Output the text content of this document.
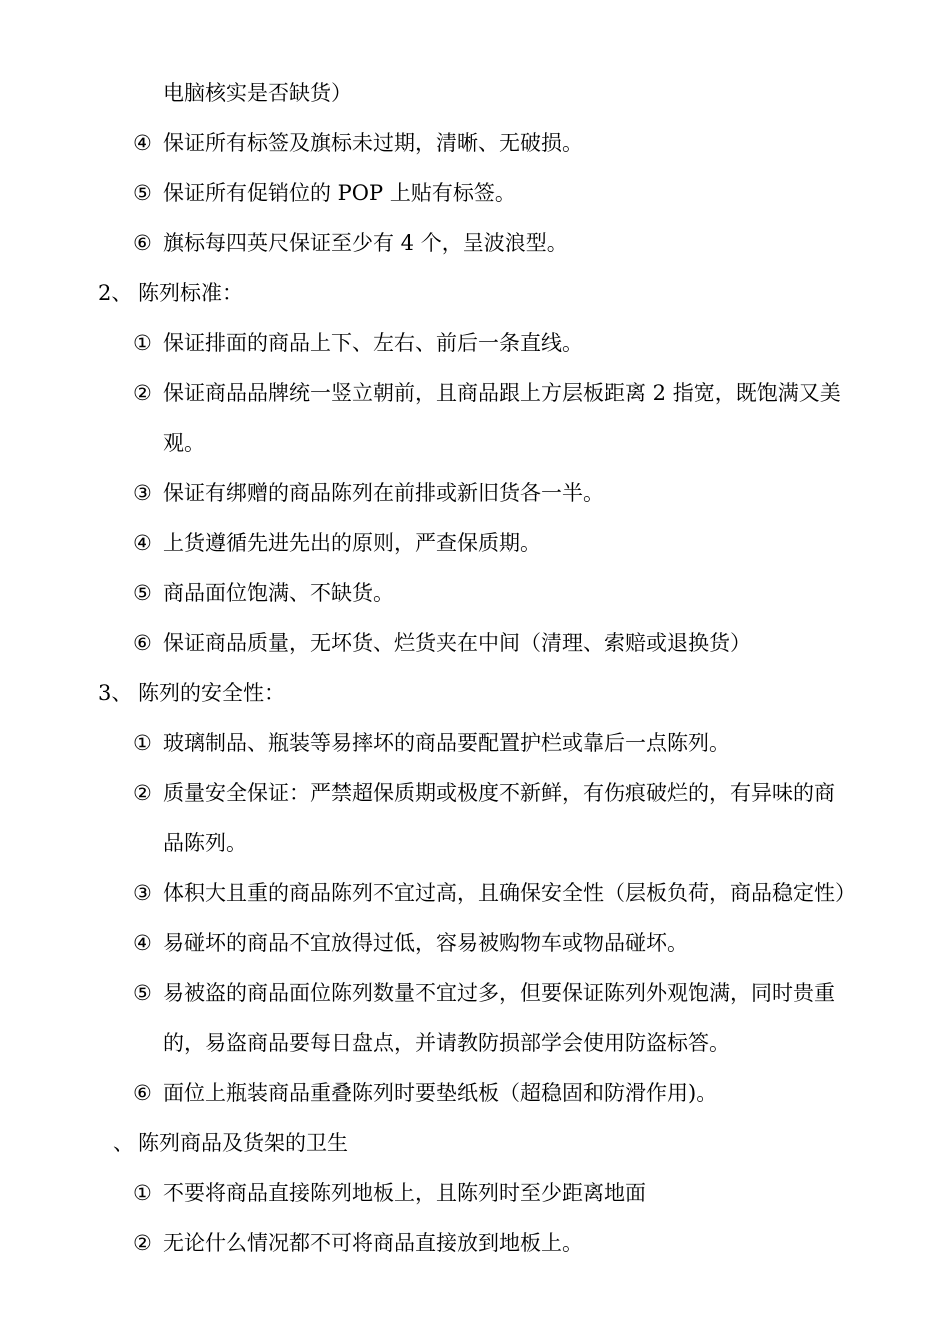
电脑核实是否缺货）
④ 保证所有标签及旗标未过期，清晰、无破损。
⑤ 保证所有促销位的 POP 上贴有标签。
⑥ 旗标每四英尺保证至少有 4 个，呈波浪型。
2、 陈列标准：
① 保证排面的商品上下、左右、前后一条直线。
② 保证商品品牌统一竖立朝前，且商品跟上方层板距离 2 指宽，既饱满又美
观。
③ 保证有绑赠的商品陈列在前排或新旧货各一半。
④ 上货遵循先进先出的原则，严查保质期。
⑤ 商品面位饱满、不缺货。
⑥ 保证商品质量，无坏货、烂货夹在中间（清理、索赔或退换货）
3、 陈列的安全性：
① 玻璃制品、瓶装等易摔坏的商品要配置护栏或靠后一点陈列。
② 质量安全保证：严禁超保质期或极度不新鲜，有伤痕破烂的，有异味的商
品陈列。
③ 体积大且重的商品陈列不宜过高，且确保安全性（层板负荷，商品稳定性）
④ 易碰坏的商品不宜放得过低，容易被购物车或物品碰坏。
⑤ 易被盗的商品面位陈列数量不宜过多，但要保证陈列外观饱满，同时贵重
的，易盗商品要每日盘点，并请教防损部学会使用防盗标答。
⑥ 面位上瓶装商品重叠陈列时要垫纸板（超稳固和防滑作用)。
、 陈列商品及货架的卫生
① 不要将商品直接陈列地板上，且陈列时至少距离地面
② 无论什么情况都不可将商品直接放到地板上。
